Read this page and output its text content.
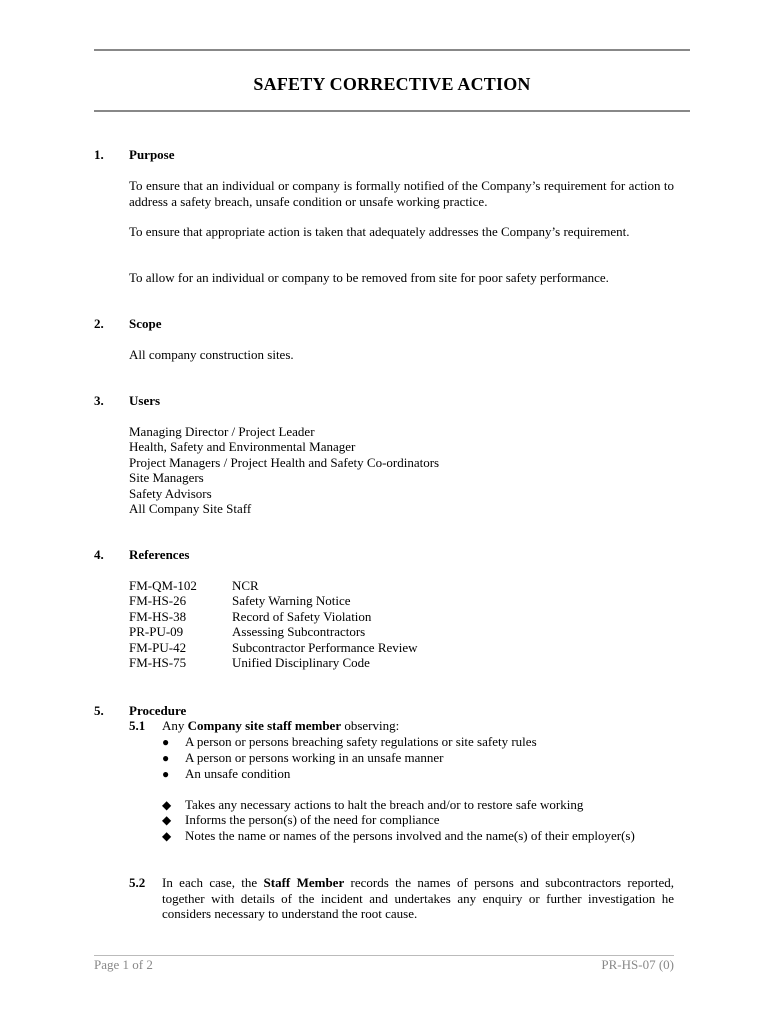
SAFETY CORRECTIVE ACTION
1. Purpose
To ensure that an individual or company is formally notified of the Company’s requirement for action to address a safety breach, unsafe condition or unsafe working practice.
To ensure that appropriate action is taken that adequately addresses the Company’s requirement.
To allow for an individual or company to be removed from site for poor safety performance.
2. Scope
All company construction sites.
3. Users
Managing Director / Project Leader
Health, Safety and Environmental Manager
Project Managers / Project Health and Safety Co-ordinators
Site Managers
Safety Advisors
All Company Site Staff
4. References
FM-QM-102	NCR
FM-HS-26	Safety Warning Notice
FM-HS-38	Record of Safety Violation
PR-PU-09	Assessing Subcontractors
FM-PU-42	Subcontractor Performance Review
FM-HS-75	Unified Disciplinary Code
5. Procedure
5.1 Any Company site staff member observing:
● A person or persons breaching safety regulations or site safety rules
● A person or persons working in an unsafe manner
● An unsafe condition
◆ Takes any necessary actions to halt the breach and/or to restore safe working
◆ Informs the person(s) of the need for compliance
◆ Notes the name or names of the persons involved and the name(s) of their employer(s)
5.2 In each case, the Staff Member records the names of persons and subcontractors reported, together with details of the incident and undertakes any enquiry or further investigation he considers necessary to understand the root cause.
Page 1 of 2	PR-HS-07 (0)
